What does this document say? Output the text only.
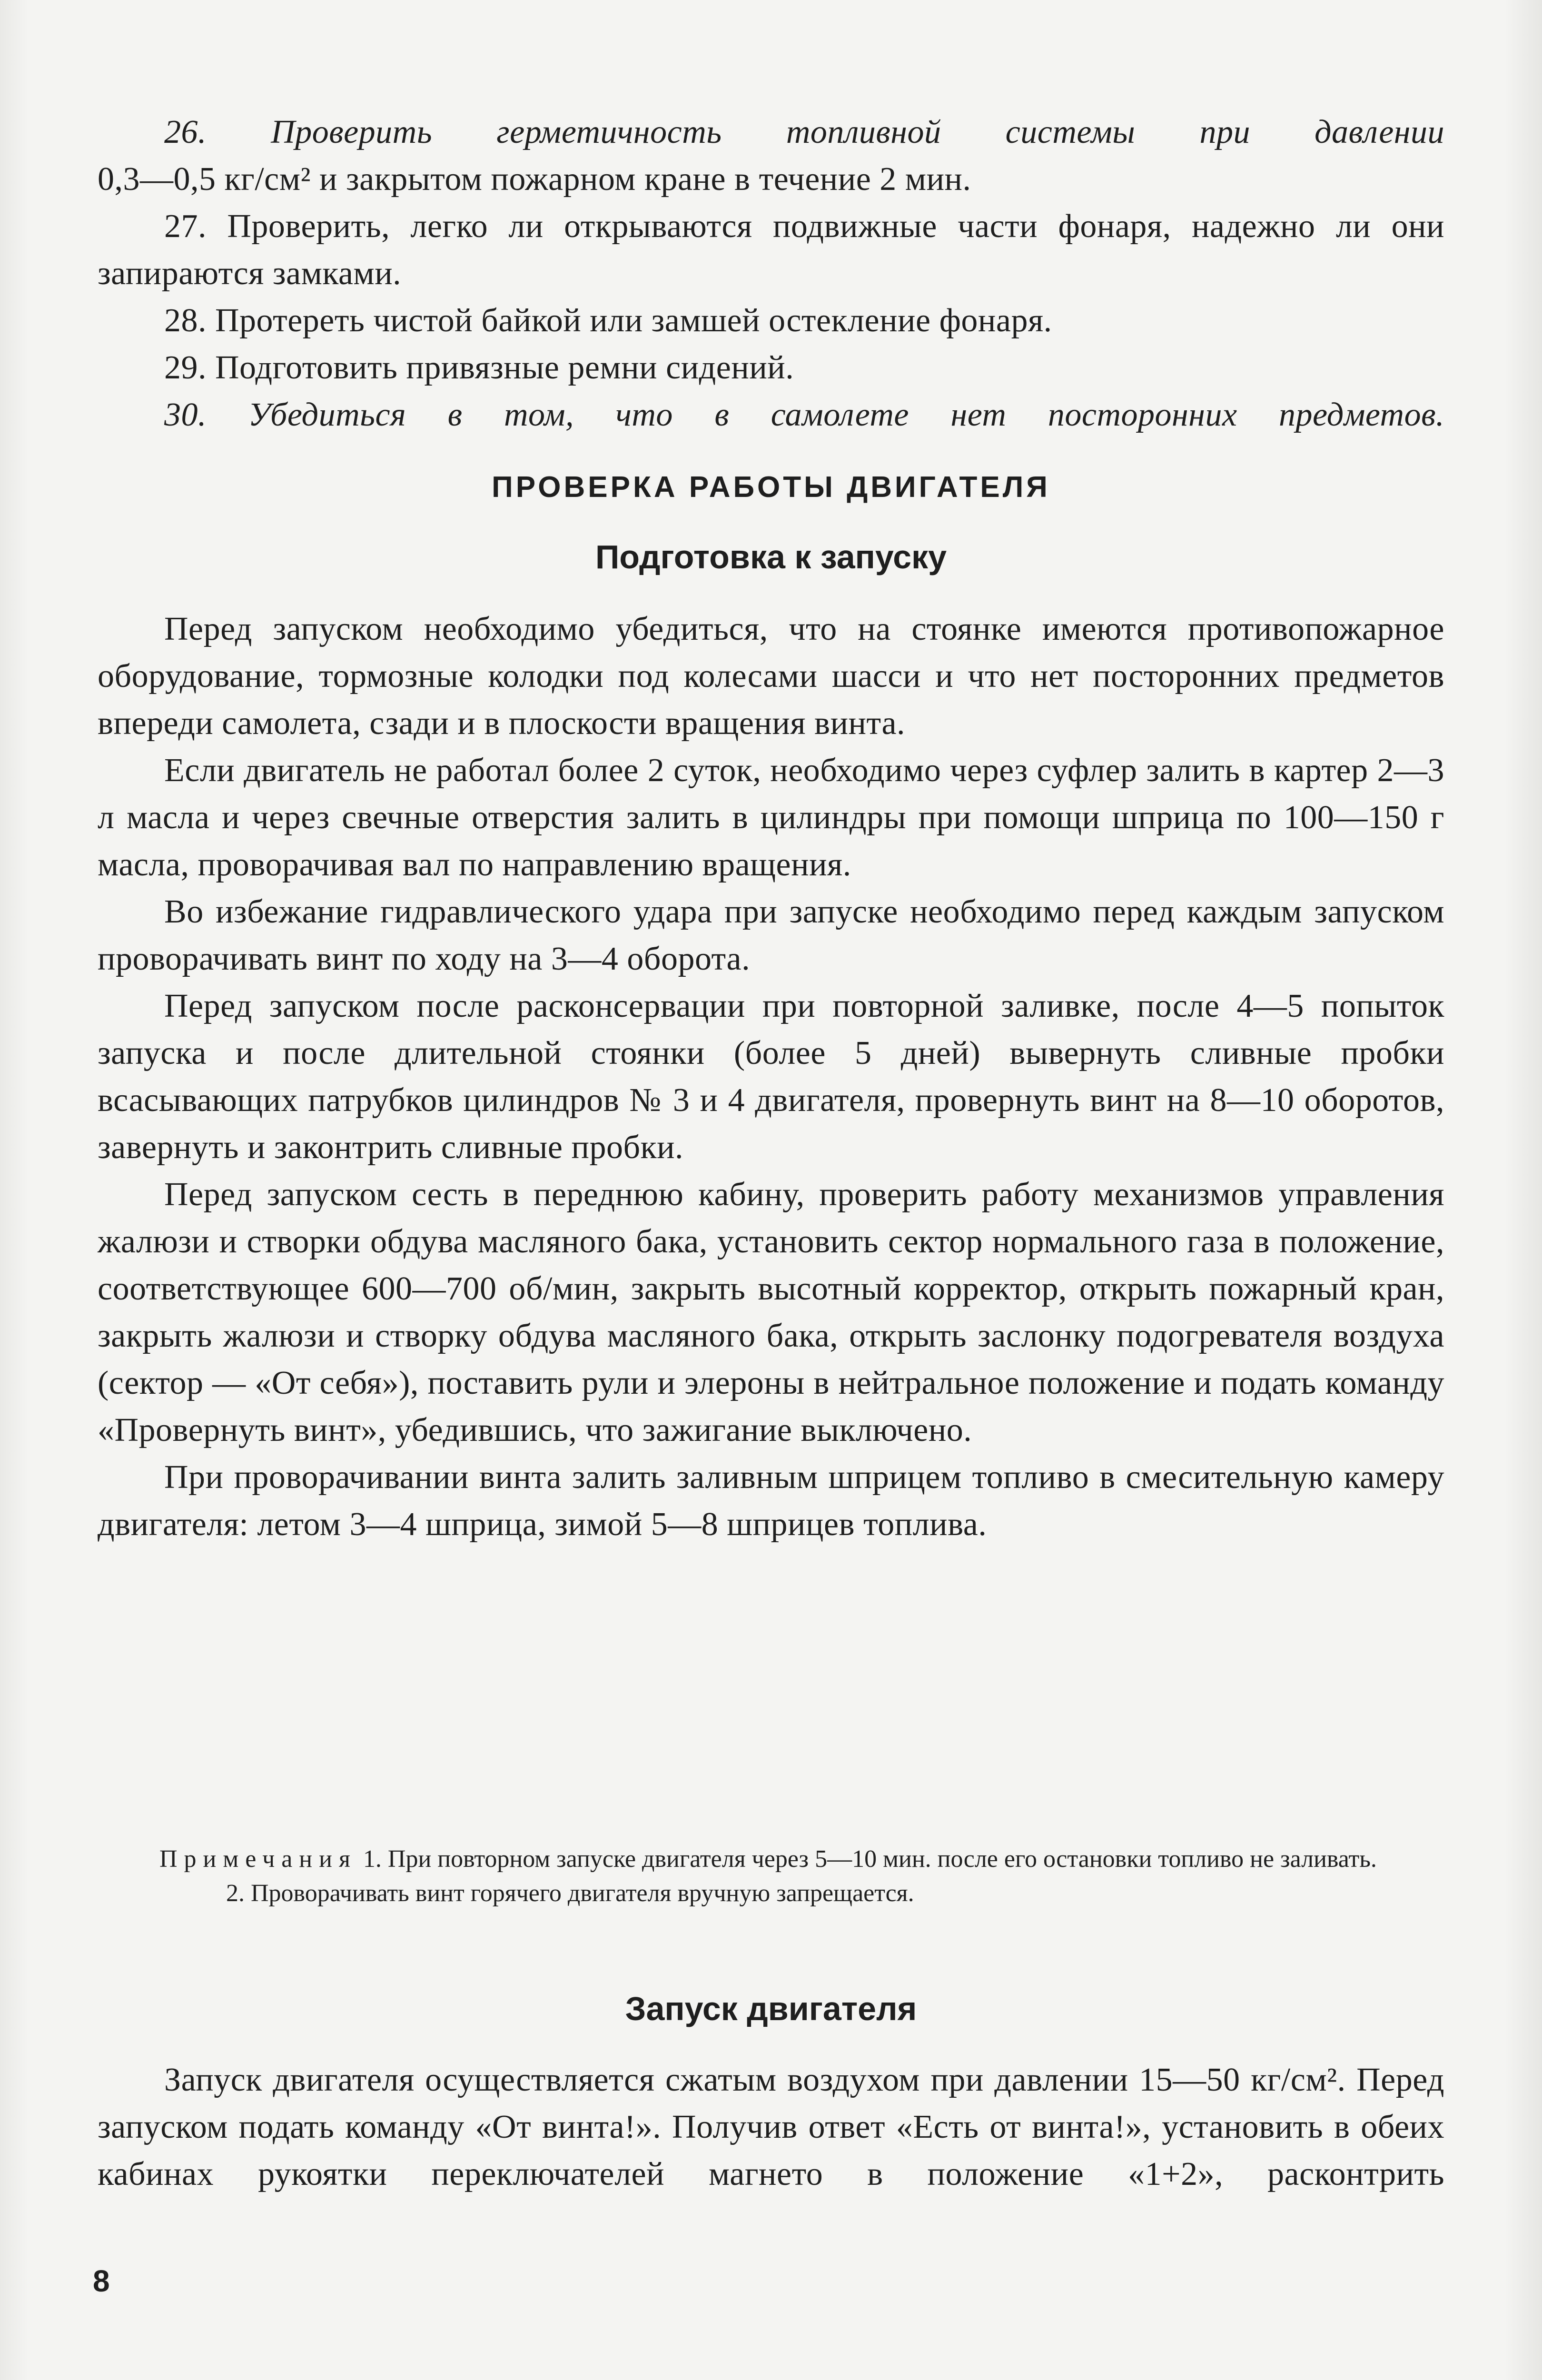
26. Проверить герметичность топливной системы при давлении

0,3—0,5 кг/см² и закрытом пожарном кране в течение 2 мин.

27. Проверить, легко ли открываются подвижные части фонаря, надежно ли они запираются замками.

28. Протереть чистой байкой или замшей остекление фонаря.

29. Подготовить привязные ремни сидений.

30. Убедиться в том, что в самолете нет посторонних предметов.

ПРОВЕРКА РАБОТЫ ДВИГАТЕЛЯ

Подготовка к запуску

Перед запуском необходимо убедиться, что на стоянке имеются противопожарное оборудование, тормозные колодки под колесами шасси и что нет посторонних предметов впереди самолета, сзади и в плоскости вращения винта.

Если двигатель не работал более 2 суток, необходимо через суфлер залить в картер 2—3 л масла и через свечные отверстия залить в цилиндры при помощи шприца по 100—150 г масла, проворачивая вал по направлению вращения.

Во избежание гидравлического удара при запуске необходимо перед каждым запуском проворачивать винт по ходу на 3—4 оборота.

Перед запуском после расконсервации при повторной заливке, после 4—5 попыток запуска и после длительной стоянки (более 5 дней) вывернуть сливные пробки всасывающих патрубков цилиндров № 3 и 4 двигателя, провернуть винт на 8—10 оборотов, завернуть и законтрить сливные пробки.

Перед запуском сесть в переднюю кабину, проверить работу механизмов управления жалюзи и створки обдува масляного бака, установить сектор нормального газа в положение, соответствующее 600—700 об/мин, закрыть высотный корректор, открыть пожарный кран, закрыть жалюзи и створку обдува масляного бака, открыть заслонку подогревателя воздуха (сектор — «От себя»), поставить рули и элероны в нейтральное положение и подать команду «Провернуть винт», убедившись, что зажигание выключено.

При проворачивании винта залить заливным шприцем топливо в смесительную камеру двигателя: летом 3—4 шприца, зимой 5—8 шприцев топлива.

Примечания 1. При повторном запуске двигателя через 5—10 мин. после его остановки топливо не заливать.

2. Проворачивать винт горячего двигателя вручную запрещается.

Запуск двигателя

Запуск двигателя осуществляется сжатым воздухом при давлении 15—50 кг/см². Перед запуском подать команду «От винта!». Получив ответ «Есть от винта!», установить в обеих кабинах рукоятки переключателей магнето в положение «1+2», расконтрить

8
